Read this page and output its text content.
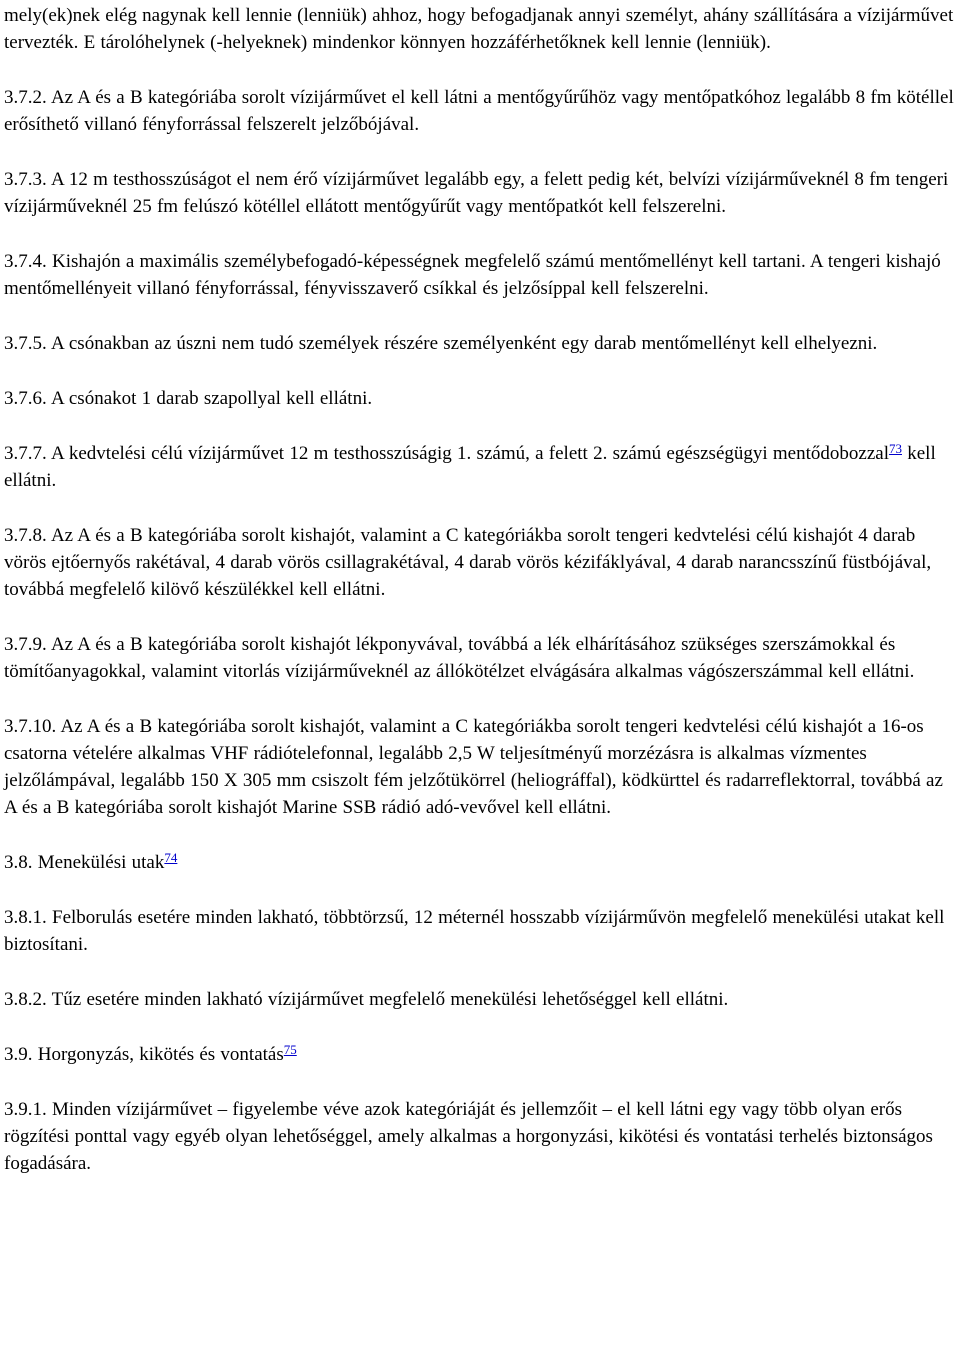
mely(ek)nek elég nagynak kell lennie (lenniük) ahhoz, hogy befogadjanak annyi személyt, ahány szállítására a vízijárművet tervezték. E tárolóhelynek (-helyeknek) mindenkor könnyen hozzáférhetőknek kell lennie (lenniük).

3.7.2. Az A és a B kategóriába sorolt vízijárművet el kell látni a mentőgyűrűhöz vagy mentőpatkóhoz legalább 8 fm kötéllel erősíthető villanó fényforrással felszerelt jelzőbójával.

3.7.3. A 12 m testhosszúságot el nem érő vízijárművet legalább egy, a felett pedig két, belvízi vízijárműveknél 8 fm tengeri vízijárműveknél 25 fm felúszó kötéllel ellátott mentőgyűrűt vagy mentőpatkót kell felszerelni.

3.7.4. Kishajón a maximális személybefogadó-képességnek megfelelő számú mentőmellényt kell tartani. A tengeri kishajó mentőmellényeit villanó fényforrással, fényvisszaverő csíkkal és jelzősíppal kell felszerelni.

3.7.5. A csónakban az úszni nem tudó személyek részére személyenként egy darab mentőmellényt kell elhelyezni.

3.7.6. A csónakot 1 darab szapollyal kell ellátni.

3.7.7. A kedvtelési célú vízijárművet 12 m testhosszúságig 1. számú, a felett 2. számú egészségügyi mentődobozzal$^{73}$ kell ellátni.

3.7.8. Az A és a B kategóriába sorolt kishajót, valamint a C kategóriákba sorolt tengeri kedvtelési célú kishajót 4 darab vörös ejtőernyős rakétával, 4 darab vörös csillagrakétával, 4 darab vörös kézifáklyával, 4 darab narancsszínű füstbójával, továbbá megfelelő kilövő készülékkel kell ellátni.

3.7.9. Az A és a B kategóriába sorolt kishajót lékponyvával, továbbá a lék elhárításához szükséges szerszámokkal és tömítőanyagokkal, valamint vitorlás vízijárműveknél az állókötélzet elvágására alkalmas vágószerszámmal kell ellátni.

3.7.10. Az A és a B kategóriába sorolt kishajót, valamint a C kategóriákba sorolt tengeri kedvtelési célú kishajót a 16-os csatorna vételére alkalmas VHF rádiótelefonnal, legalább 2,5 W teljesítményű morzézásra is alkalmas vízmentes jelzőlámpával, legalább 150 X 305 mm csiszolt fém jelzőtükörrel (heliográffal), ködkürttel és radarreflektorral, továbbá az A és a B kategóriába sorolt kishajót Marine SSB rádió adó-vevővel kell ellátni.

3.8. Menekülési utak$^{74}$

3.8.1. Felborulás esetére minden lakható, többtörzsű, 12 méternél hosszabb vízijárművön megfelelő menekülési utakat kell biztosítani.

3.8.2. Tűz esetére minden lakható vízijárművet megfelelő menekülési lehetőséggel kell ellátni.

3.9. Horgonyzás, kikötés és vontatás$^{75}$

3.9.1. Minden vízijárművet – figyelembe véve azok kategóriáját és jellemzőit – el kell látni egy vagy több olyan erős rögzítési ponttal vagy egyéb olyan lehetőséggel, amely alkalmas a horgonyzási, kikötési és vontatási terhelés biztonságos fogadására.
